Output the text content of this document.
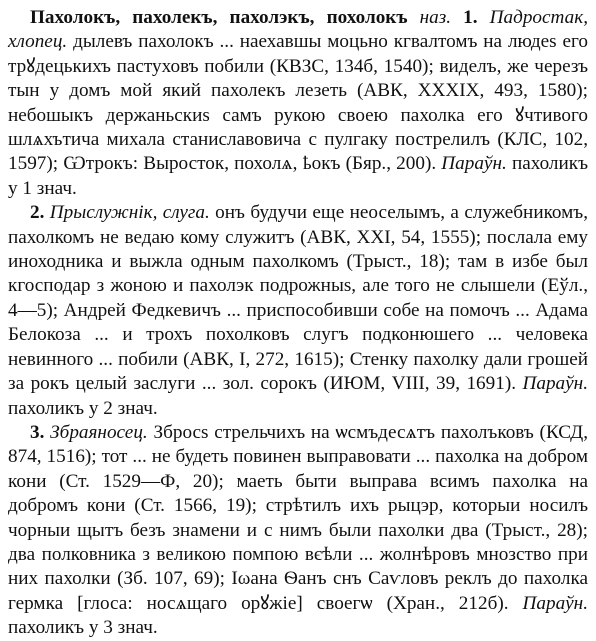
Пахолокъ, пахолекъ, пахолэкъ, похолокъ наз. 1. Падростак, хлопец. дылевъ пахолокъ ... наехавшы моцьно кгвалтомъ на людеѕ его трꙋдецькихъ пастуховъ побили (КВЗС, 134б, 1540); виделъ, же черезъ тын у домъ мой який пахолекъ лезеть (АВК, XXXIX, 493, 1580); небошыкъ держаньскиѕ самъ рукою своею пахолка его ꙋчтивого шлѧхътича михала станиславовича с пулгаку пострелилъ (КЛС, 102, 1597); Ѡтрокъ: Выросток, похолѧ, ҍокъ (Бяр., 200). Параўн. пахоликъ у 1 знач.

2. Прыслужнік, слуга. онъ будучи еще неоселымъ, а служебникомъ, пахолкомъ не ведаю кому служитъ (АВК, XXI, 54, 1555); послала ему иноходника и выжла одным пахолкомъ (Трыст., 18); там в избе был кгосподар з жоною и пахолэк подрожныѕ, але того не слышели (Еўл., 4—5); Андрей Федкевичъ ... приспособивши собе на помочъ ... Адама Белокоза ... и трохъ похолковъ слугъ подконюшего ... человека невинного ... побили (АВК, I, 272, 1615); Стенку пахолку дали грошей за рокъ целый заслуги ... зол. сорокъ (ИЮМ, VIII, 39, 1691). Параўн. пахоликъ у 2 знач.

3. Збраяносец. Збросѕ стрельчихъ на ѡсмъдесѧтъ пахолъковъ (КСД, 874, 1516); тот ... не будеть повинен выправовати ... пахолка на добром кони (Ст. 1529—Ф, 20); маеть быти выправа всимъ пахолка на добромъ кони (Ст. 1566, 19); стрѣтилъ ихъ рыцэр, которыи носилъ чорныи щытъ безъ знамени и с нимъ были пахолки два (Трыст., 28); два полковника з великою помпою вєѣли ... жолнѣровъ мнозство при них пахолки (Зб. 107, 69); Іωана Ѳанъ снъ Саѵловъ реклъ до пахолка гермка [глоса: носѧщаго орꙋжіе] своегѡ (Хран., 212б). Параўн. пахоликъ у 3 знач.
